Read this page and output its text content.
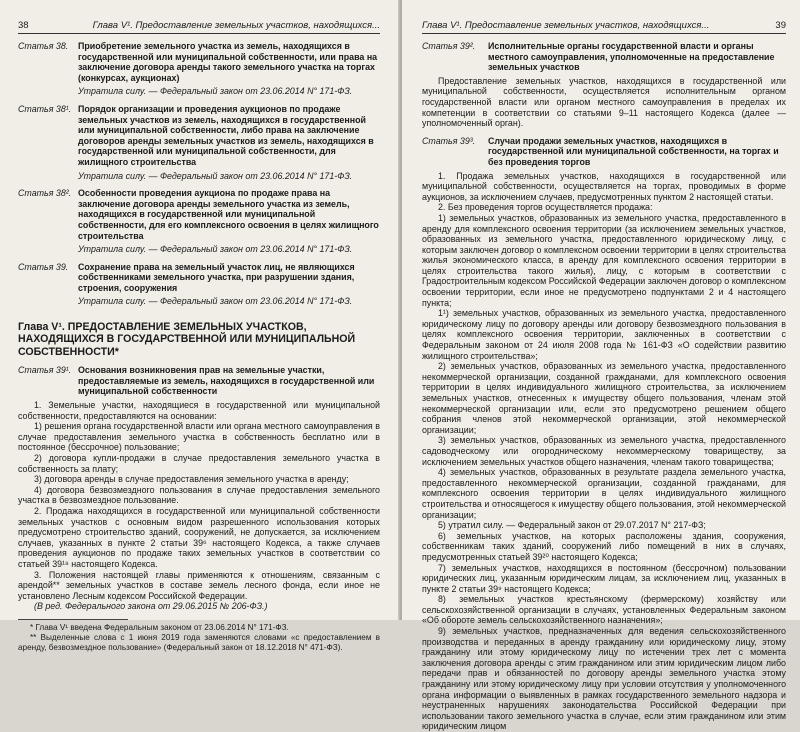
38	Глава V¹. Предоставление земельных участков, находящихся...
Статья 38.	Приобретение земельного участка из земель, находящихся в государственной или муниципальной собственности, или права на заключение договора аренды такого земельного участка на торгах (конкурсах, аукционах)
Утратила силу. — Федеральный закон от 23.06.2014 N° 171-ФЗ.
Статья 38¹. Порядок организации и проведения аукционов по продаже земельных участков из земель, находящихся в государственной или муниципальной собственности, либо права на заключение договоров аренды земельных участков из земель, находящихся в государственной или муниципальной собственности, для жилищного строительства
Утратила силу. — Федеральный закон от 23.06.2014 N° 171-ФЗ.
Статья 38². Особенности проведения аукциона по продаже права на заключение договора аренды земельного участка из земель, находящихся в государственной или муниципальной собственности, для его комплексного освоения в целях жилищного строительства
Утратила силу. — Федеральный закон от 23.06.2014 N° 171-ФЗ.
Статья 39.	Сохранение права на земельный участок лиц, не являющихся собственниками земельного участка, при разрушении здания, строения, сооружения
Утратила силу. — Федеральный закон от 23.06.2014 N° 171-ФЗ.
Глава V¹. ПРЕДОСТАВЛЕНИЕ ЗЕМЕЛЬНЫХ УЧАСТКОВ, НАХОДЯЩИХСЯ В ГОСУДАРСТВЕННОЙ ИЛИ МУНИЦИПАЛЬНОЙ СОБСТВЕННОСТИ*
Статья 39¹. Основания возникновения прав на земельные участки, предоставляемые из земель, находящихся в государственной или муниципальной собственности

1. Земельные участки, находящиеся в государственной или муниципальной собственности, предоставляются на основании:

1) решения органа государственной власти или органа местного самоуправления в случае предоставления земельного участка в собственность бесплатно или в постоянное (бессрочное) пользование;

2) договора купли-продажи в случае предоставления земельного участка в собственность за плату;

3) договора аренды в случае предоставления земельного участка в аренду;

4) договора безвозмездного пользования в случае предоставления земельного участка в безвозмездное пользование.

2. Продажа находящихся в государственной или муниципальной собственности земельных участков с основным видом разрешенного использования которых предусмотрено строительство зданий, сооружений, не допускается, за исключением случаев, указанных в пункте 2 статьи 39⁶ настоящего Кодекса, а также случаев проведения аукционов по продаже таких земельных участков в соответствии со статьей 39¹⁸ настоящего Кодекса.

3. Положения настоящей главы применяются к отношениям, связанным с арендой** земельных участков в составе земель лесного фонда, если иное не установлено Лесным кодексом Российской Федерации.

(В ред. Федерального закона от 29.06.2015 № 206-ФЗ.)

* Глава V¹ введена Федеральным законом от 23.06.2014 N° 171-ФЗ.

** Выделенные слова с 1 июня 2019 года заменяются словами «с предоставлением в аренду, безвозмездное пользование» (Федеральный закон от 18.12.2018 N° 471-ФЗ).

Глава V¹. Предоставление земельных участков, находящихся...	39
Статья 39².	Исполнительные органы государственной власти и органы местного самоуправления, уполномоченные на предоставление земельных участков

Предоставление земельных участков, находящихся в государственной или муниципальной собственности, осуществляется исполнительным органом государственной власти или органом местного самоуправления в пределах их компетенции в соответствии со статьями 9–11 настоящего Кодекса (далее — уполномоченный орган).

Статья 39³.	Случаи продажи земельных участков, находящихся в государственной или муниципальной собственности, на торгах и без проведения торгов

1. Продажа земельных участков, находящихся в государственной или муниципальной собственности, осуществляется на торгах, проводимых в форме аукционов, за исключением случаев, предусмотренных пунктом 2 настоящей статьи.

2. Без проведения торгов осуществляется продажа:

1) земельных участков, образованных из земельного участка, предоставленного в аренду для комплексного освоения территории (за исключением земельных участков, образованных из земельного участка, предоставленного юридическому лицу, с которым заключен договор о комплексном освоении территории в целях строительства жилья экономического класса, в аренду для комплексного освоения территории в целях строительства такого жилья), лицу, с которым в соответствии с Градостроительным кодексом Российской Федерации заключен договор о комплексном освоении территории, если иное не предусмотрено подпунктами 2 и 4 настоящего пункта;

1¹) земельных участков, образованных из земельного участка, предоставленного юридическому лицу по договору аренды или договору безвозмездного пользования в целях комплексного освоения территории, заключенных в соответствии с Федеральным законом от 24 июля 2008 года № 161-ФЗ «О содействии развитию жилищного строительства»;

2) земельных участков, образованных из земельного участка, предоставленного некоммерческой организации, созданной гражданами, для комплексного освоения территории в целях индивидуального жилищного строительства, за исключением земельных участков, отнесенных к имуществу общего пользования, членам этой некоммерческой организации или, если это предусмотрено решением общего собрания членов этой некоммерческой организации, этой некоммерческой организации;

3) земельных участков, образованных из земельного участка, предоставленного садоводческому или огородническому некоммерческому товариществу, за исключением земельных участков общего назначения, членам такого товарищества;

4) земельных участков, образованных в результате раздела земельного участка, предоставленного некоммерческой организации, созданной гражданами, для комплексного освоения территории в целях индивидуального жилищного строительства и относящегося к имуществу общего пользования, этой некоммерческой организации;

5) утратил силу. — Федеральный закон от 29.07.2017 N° 217-ФЗ;

6) земельных участков, на которых расположены здания, сооружения, собственникам таких зданий, сооружений либо помещений в них в случаях, предусмотренных статьей 39²⁰ настоящего Кодекса;

7) земельных участков, находящихся в постоянном (бессрочном) пользовании юридических лиц, указанным юридическим лицам, за исключением лиц, указанных в пункте 2 статьи 39⁹ настоящего Кодекса;

8) земельных участков крестьянскому (фермерскому) хозяйству или сельскохозяйственной организации в случаях, установленных Федеральным законом «Об обороте земель сельскохозяйственного назначения»;

9) земельных участков, предназначенных для ведения сельскохозяйственного производства и переданных в аренду гражданину или юридическому лицу, этому гражданину или этому юридическому лицу по истечении трех лет с момента заключения договора аренды с этим гражданином или этим юридическим лицом либо передачи прав и обязанностей по договору аренды земельного участка этому гражданину или этому юридическому лицу при условии отсутствия у уполномоченного органа информации о выявленных в рамках государственного земельного надзора и неустраненных нарушениях законодательства Российской Федерации при использовании такого земельного участка в случае, если этим гражданином или этим юридическим лицом
